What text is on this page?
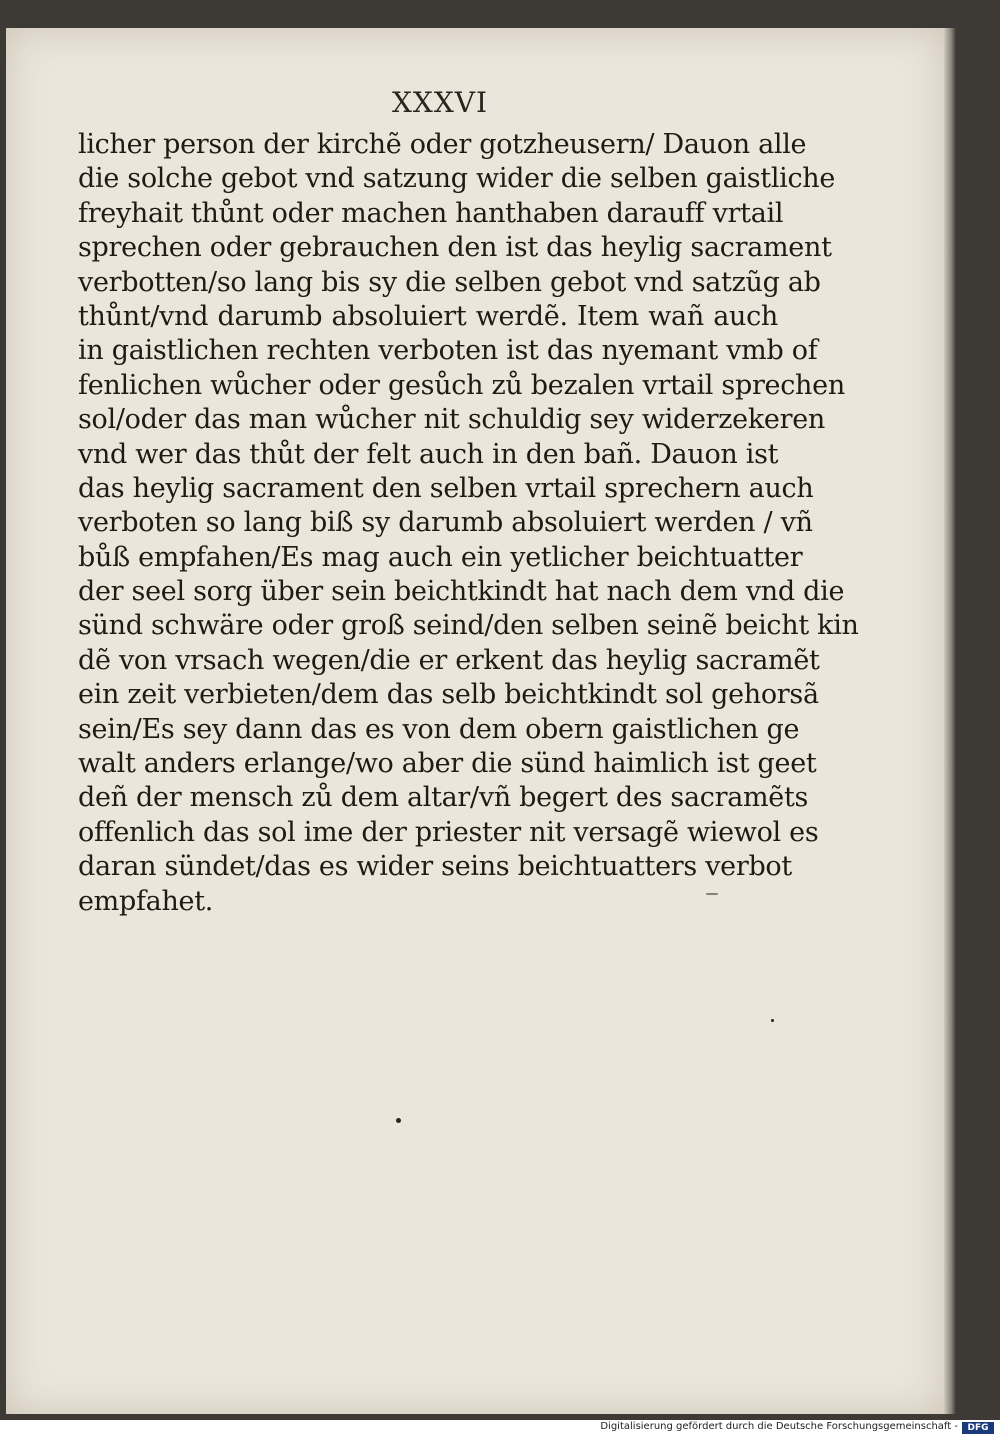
XXXVI
licher person der kirchẽ oder gotzheusern/ Dauon alle
die solche gebot vnd satzung wider die selben gaistliche
freyhait thůnt oder machen hanthaben darauff vrtail
sprechen oder gebrauchen den ist das heylig sacrament
verbotten/so lang bis sy die selben gebot vnd satzũg ab
thůnt/vnd darumb absoluiert werdẽ. Item wañ auch
in gaistlichen rechten verboten ist das nyemant vmb of
fenlichen wůcher oder gesůch zů bezalen vrtail sprechen
sol/oder das man wůcher nit schuldig sey widerzekeren
vnd wer das thůt der felt auch in den bañ. Dauon ist
das heylig sacrament den selben vrtail sprechern auch
verboten so lang biß sy darumb absoluiert werden / vñ
bůß empfahen/Es mag auch ein yetlicher beichtuatter
der seel sorg über sein beichtkindt hat nach dem vnd die
sünd schwäre oder groß seind/den selben seinẽ beicht kin
dẽ von vrsach wegen/die er erkent das heylig sacramẽt
ein zeit verbieten/dem das selb beichtkindt sol gehorsã
sein/Es sey dann das es von dem obern gaistlichen ge
walt anders erlange/wo aber die sünd haimlich ist geet
deñ der mensch zů dem altar/vñ begert des sacramẽts
offenlich das sol ime der priester nit versagẽ wiewol es
daran sündet/das es wider seins beichtuatters verbot
empfahet.
Digitalisierung gefördert durch die Deutsche Forschungsgemeinschaft -	DFG
